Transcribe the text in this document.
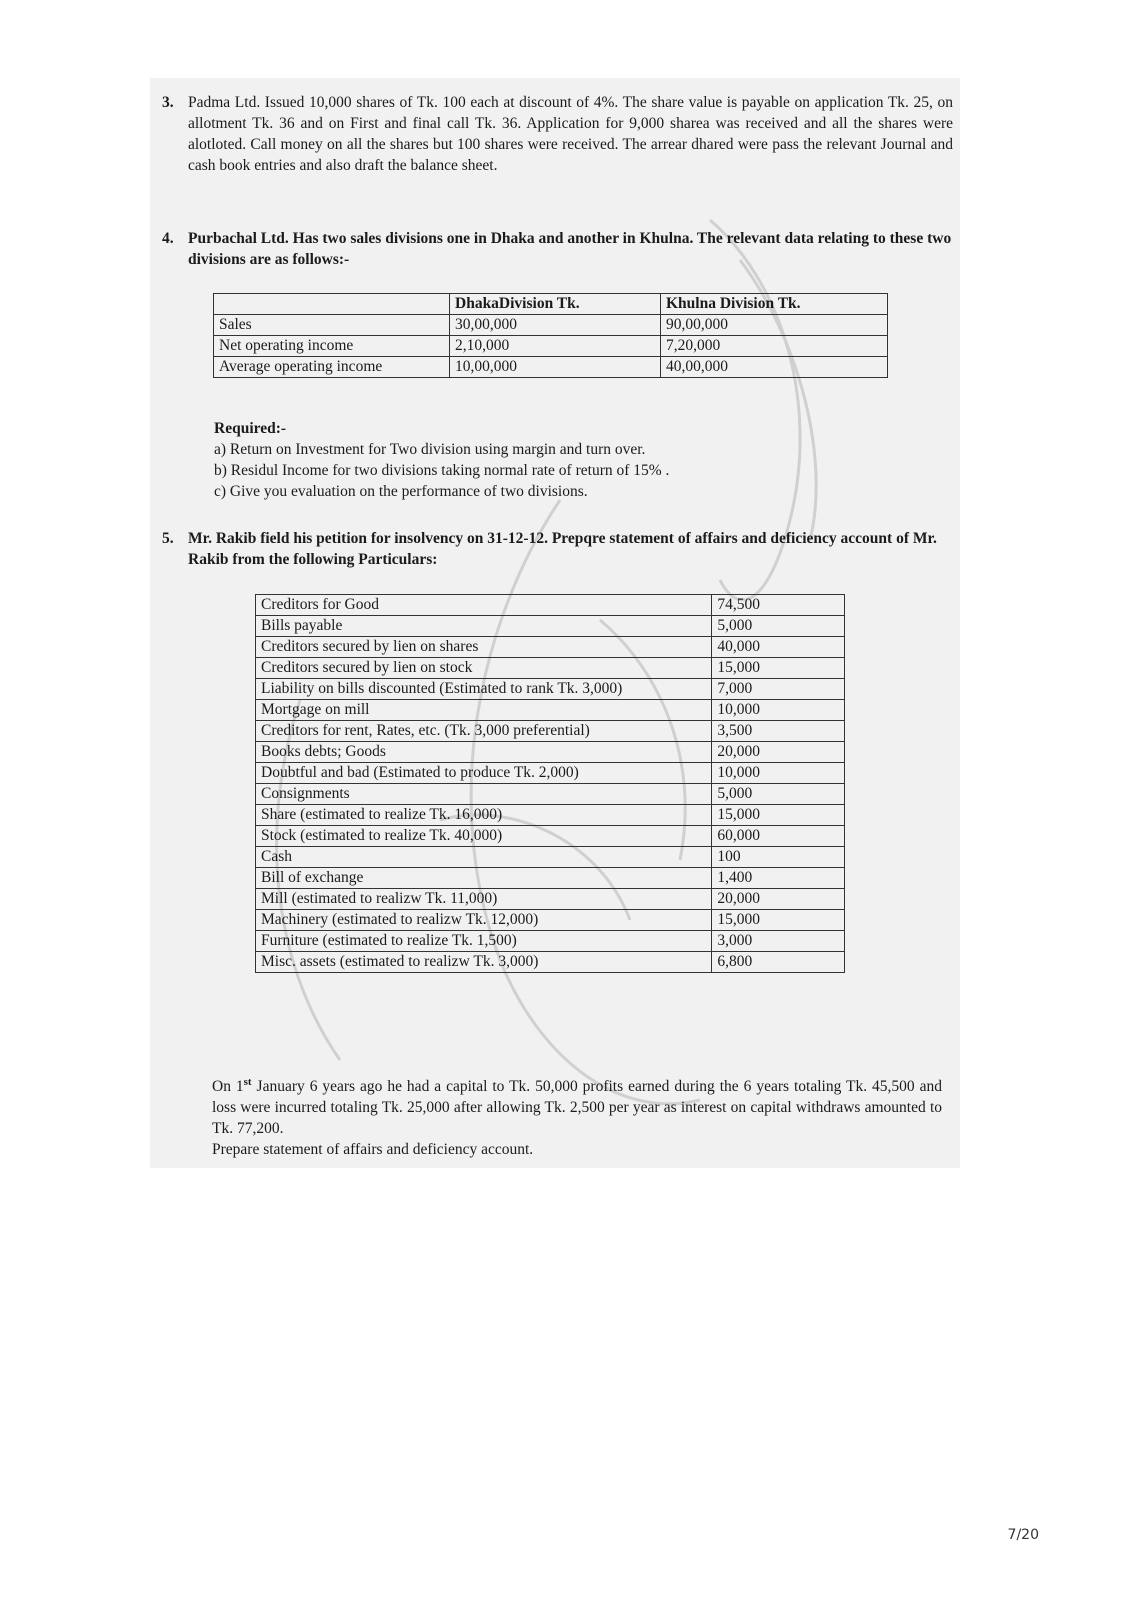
3. Padma Ltd. Issued 10,000 shares of Tk. 100 each at discount of 4%. The share value is payable on application Tk. 25, on allotment Tk. 36 and on First and final call Tk. 36. Application for 9,000 sharea was received and all the shares were alotloted. Call money on all the shares but 100 shares were received. The arrear dhared were pass the relevant Journal and cash book entries and also draft the balance sheet.
4. Purbachal Ltd. Has two sales divisions one in Dhaka and another in Khulna. The relevant data relating to these two divisions are as follows:-
	DhakaDivision Tk.	Khulna Division Tk.
Sales	30,00,000	90,00,000
Net operating income	2,10,000	7,20,000
Average operating income	10,00,000	40,00,000
Required:-
a) Return on Investment for Two division using margin and turn over.
b) Residul Income for two divisions taking normal rate of return of 15% .
c) Give you evaluation on the performance of two divisions.
5. Mr. Rakib field his petition for insolvency on 31-12-12. Prepqre statement of affairs and deficiency account of Mr. Rakib from the following Particulars:
Creditors for Good	74,500
Bills payable	5,000
Creditors secured by lien on shares	40,000
Creditors secured by lien on stock	15,000
Liability on bills discounted (Estimated to rank Tk. 3,000)	7,000
Mortgage on mill	10,000
Creditors for rent, Rates, etc. (Tk. 3,000 preferential)	3,500
Books debts; Goods	20,000
Doubtful and bad (Estimated to produce Tk. 2,000)	10,000
Consignments	5,000
Share (estimated to realize Tk. 16,000)	15,000
Stock (estimated to realize Tk. 40,000)	60,000
Cash	100
Bill of exchange	1,400
Mill (estimated to realizw Tk. 11,000)	20,000
Machinery (estimated to realizw Tk. 12,000)	15,000
Furniture (estimated to realize Tk. 1,500)	3,000
Misc. assets (estimated to realizw Tk. 3,000)	6,800
On 1st January 6 years ago he had a capital to Tk. 50,000 profits earned during the 6 years totaling Tk. 45,500 and loss were incurred totaling Tk. 25,000 after allowing Tk. 2,500 per year as interest on capital withdraws amounted to Tk. 77,200.
Prepare statement of affairs and deficiency account.
7/20
